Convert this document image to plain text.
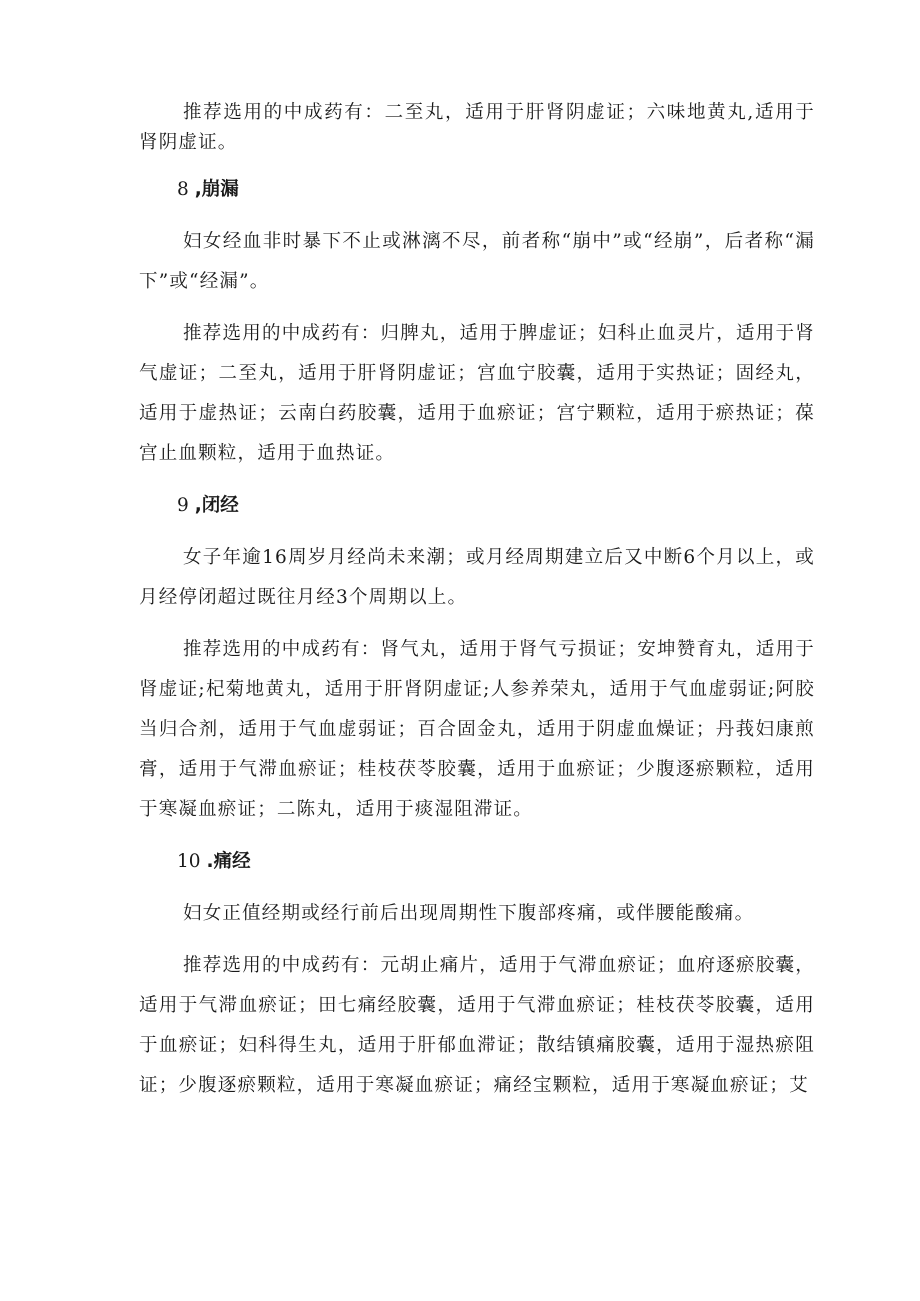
推荐选用的中成药有：二至丸，适用于肝肾阴虚证；六味地黄丸,适用于肾阴虚证。

8 ,崩漏

妇女经血非时暴下不止或淋漓不尽，前者称“崩中”或“经崩”，后者称“漏下”或“经漏”。

推荐选用的中成药有：归脾丸，适用于脾虚证；妇科止血灵片，适用于肾气虚证；二至丸，适用于肝肾阴虚证；宫血宁胶囊，适用于实热证；固经丸，适用于虚热证；云南白药胶囊，适用于血瘀证；宫宁颗粒，适用于瘀热证；葆宫止血颗粒，适用于血热证。

9 ,闭经

女子年逾16周岁月经尚未来潮；或月经周期建立后又中断6个月以上，或月经停闭超过既往月经3个周期以上。

推荐选用的中成药有：肾气丸，适用于肾气亏损证；安坤赞育丸，适用于肾虚证;杞菊地黄丸，适用于肝肾阴虚证;人参养荣丸，适用于气血虚弱证;阿胶当归合剂，适用于气血虚弱证；百合固金丸，适用于阴虚血燥证；丹莪妇康煎膏，适用于气滞血瘀证；桂枝茯苓胶囊，适用于血瘀证；少腹逐瘀颗粒，适用于寒凝血瘀证；二陈丸，适用于痰湿阻滞证。

10 .痛经

妇女正值经期或经行前后出现周期性下腹部疼痛，或伴腰能酸痛。

推荐选用的中成药有：元胡止痛片，适用于气滞血瘀证；血府逐瘀胶囊，适用于气滞血瘀证；田七痛经胶囊，适用于气滞血瘀证；桂枝茯苓胶囊，适用于血瘀证；妇科得生丸，适用于肝郁血滞证；散结镇痛胶囊，适用于湿热瘀阻证；少腹逐瘀颗粒，适用于寒凝血瘀证；痛经宝颗粒，适用于寒凝血瘀证；艾
